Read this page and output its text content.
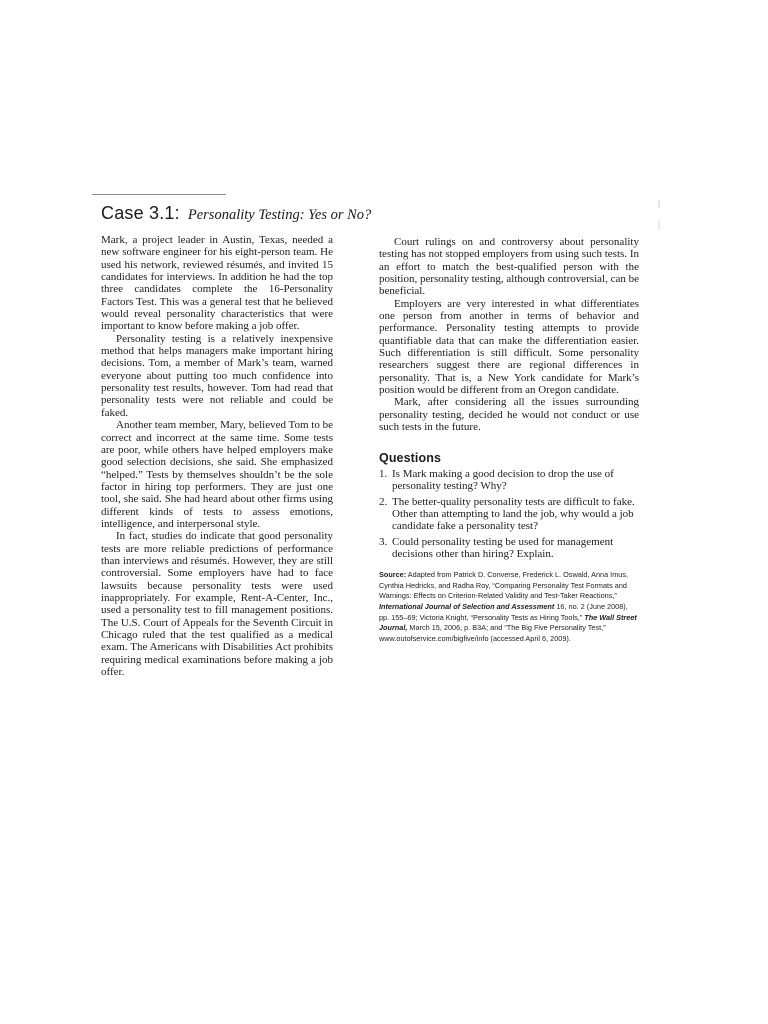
Case 3.1: Personality Testing: Yes or No?

Mark, a project leader in Austin, Texas, needed a new software engineer for his eight-person team. He used his network, reviewed résumés, and invited 15 candidates for interviews. In addition he had the top three candidates complete the 16-Personality Factors Test. This was a general test that he believed would reveal personality characteristics that were important to know before making a job offer.

Personality testing is a relatively inexpensive method that helps managers make important hiring decisions. Tom, a member of Mark’s team, warned everyone about putting too much confidence into personality test results, however. Tom had read that personality tests were not reliable and could be faked.

Another team member, Mary, believed Tom to be correct and incorrect at the same time. Some tests are poor, while others have helped employers make good selection decisions, she said. She emphasized “helped.” Tests by themselves shouldn’t be the sole factor in hiring top performers. They are just one tool, she said. She had heard about other firms using different kinds of tests to assess emotions, intelligence, and interpersonal style.

In fact, studies do indicate that good personality tests are more reliable predictions of performance than interviews and résumés. However, they are still controversial. Some employers have had to face lawsuits because personality tests were used inappropriately. For example, Rent-A-Center, Inc., used a personality test to fill management positions. The U.S. Court of Appeals for the Seventh Circuit in Chicago ruled that the test qualified as a medical exam. The Americans with Disabilities Act prohibits requiring medical examinations before making a job offer.

Court rulings on and controversy about personality testing has not stopped employers from using such tests. In an effort to match the best-qualified person with the position, personality testing, although controversial, can be beneficial.

Employers are very interested in what differentiates one person from another in terms of behavior and performance. Personality testing attempts to provide quantifiable data that can make the differentiation easier. Such differentiation is still difficult. Some personality researchers suggest there are regional differences in personality. That is, a New York candidate for Mark’s position would be different from an Oregon candidate.

Mark, after considering all the issues surrounding personality testing, decided he would not conduct or use such tests in the future.

Questions
1. Is Mark making a good decision to drop the use of personality testing? Why?
2. The better-quality personality tests are difficult to fake. Other than attempting to land the job, why would a job candidate fake a personality test?
3. Could personality testing be used for management decisions other than hiring? Explain.
Source: Adapted from Patrick D. Converse, Frederick L. Oswald, Anna Imus, Cynthia Hedricks, and Radha Roy, “Comparing Personality Test Formats and Warnings: Effects on Criterion-Related Validity and Test-Taker Reactions,” International Journal of Selection and Assessment 16, no. 2 (June 2008), pp. 155–69; Victoria Knight, “Personality Tests as Hiring Tools,” The Wall Street Journal, March 15, 2006, p. B3A; and “The Big Five Personality Test,” www.outofservice.com/bigfive/info (accessed April 6, 2009).
